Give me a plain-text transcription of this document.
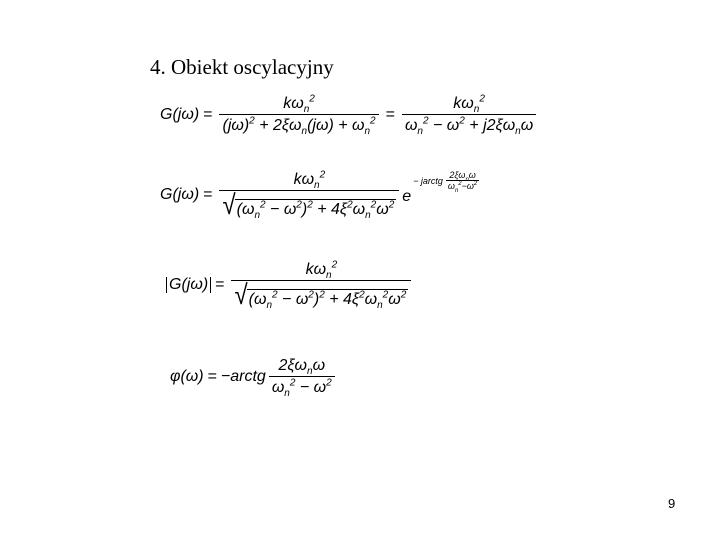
4. Obiekt oscylacyjny
$G(j\omega) = \frac{k\omega_n^2}{(j\omega)^2 + 2\xi\omega_n(j\omega) + \omega_n^2} = \frac{k\omega_n^2}{\omega_n^2 - \omega^2 + j2\xi\omega_n\omega}$
$G(j\omega) = \frac{k\omega_n^2}{√ (\omega_n^2 - \omega^2)^2 + 4\xi^2\omega_n^2\omega^2}$ e
− jarctg $\frac{2\xi\omega_n\omega}{\omega_n^2-\omega^2}$
$G(j\omega) = \frac{k\omega_n^2}{√ (\omega_n^2 - \omega^2)^2 + 4\xi^2\omega_n^2\omega^2}$
φ(ω) = −arctg $\frac{2\xi\omega_n\omega}{\omega_n^2 - \omega^2}$
9
